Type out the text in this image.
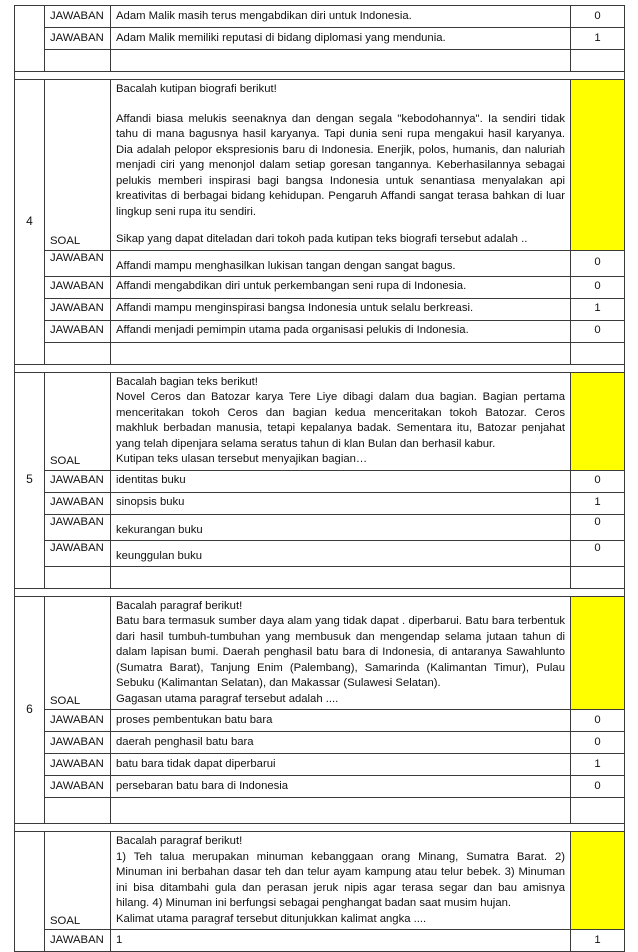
	JAWABAN	Adam Malik masih terus mengabdikan diri untuk Indonesia.	0
	JAWABAN	Adam Malik memiliki reputasi di bidang diplomasi yang mendunia.	1

4	SOAL	Bacalah kutipan biografi berikut!

Affandi biasa melukis seenaknya dan dengan segala "kebodohannya". Ia sendiri tidak tahu di mana bagusnya hasil karyanya. Tapi dunia seni rupa mengakui hasil karyanya. Dia adalah pelopor ekspresionis baru di Indonesia. Enerjik, polos, humanis, dan naluriah menjadi ciri yang menonjol dalam setiap goresan tangannya. Keberhasilannya sebagai pelukis memberi inspirasi bagi bangsa Indonesia untuk senantiasa menyalakan api kreativitas di berbagai bidang kehidupan. Pengaruh Affandi sangat terasa bahkan di luar lingkup seni rupa itu sendiri.

Sikap yang dapat diteladan dari tokoh pada kutipan teks biografi tersebut adalah ..	

	JAWABAN	Affandi mampu menghasilkan lukisan tangan dengan sangat bagus.	0
	JAWABAN	Affandi mengabdikan diri untuk perkembangan seni rupa di Indonesia.	0
	JAWABAN	Affandi mampu menginspirasi bangsa Indonesia untuk selalu berkreasi.	1
	JAWABAN	Affandi menjadi pemimpin utama pada organisasi pelukis di Indonesia.	0

5	SOAL	Bacalah bagian teks berikut!

Novel Ceros dan Batozar karya Tere Liye dibagi dalam dua bagian. Bagian pertama menceritakan tokoh Ceros dan bagian kedua menceritakan tokoh Batozar. Ceros makhluk berbadan manusia, tetapi kepalanya badak. Sementara itu, Batozar penjahat yang telah dipenjara selama seratus tahun di klan Bulan dan berhasil kabur.

Kutipan teks ulasan tersebut menyajikan bagian…	

	JAWABAN	identitas buku	0
	JAWABAN	sinopsis buku	1
	JAWABAN	kekurangan buku	0
	JAWABAN	keunggulan buku	0

6	SOAL	Bacalah paragraf berikut!

Batu bara termasuk sumber daya alam yang tidak dapat . diperbarui. Batu bara terbentuk dari hasil tumbuh-tumbuhan yang membusuk dan mengendap selama jutaan tahun di dalam lapisan bumi. Daerah penghasil batu bara di Indonesia, di antaranya Sawahlunto (Sumatra Barat), Tanjung Enim (Palembang), Samarinda (Kalimantan Timur), Pulau Sebuku (Kalimantan Selatan), dan Makassar (Sulawesi Selatan).

Gagasan utama paragraf tersebut adalah ....	

	JAWABAN	proses pembentukan batu bara	0
	JAWABAN	daerah penghasil batu bara	0
	JAWABAN	batu bara tidak dapat diperbarui	1
	JAWABAN	persebaran batu bara di Indonesia	0

	SOAL	Bacalah paragraf berikut!

1) Teh talua merupakan minuman kebanggaan orang Minang, Sumatra Barat. 2) Minuman ini berbahan dasar teh dan telur ayam kampung atau telur bebek. 3) Minuman ini bisa ditambahi gula dan perasan jeruk nipis agar terasa segar dan bau amisnya hilang. 4) Minuman ini berfungsi sebagai penghangat badan saat musim hujan.

Kalimat utama paragraf tersebut ditunjukkan kalimat angka ....	

	JAWABAN	1	1
